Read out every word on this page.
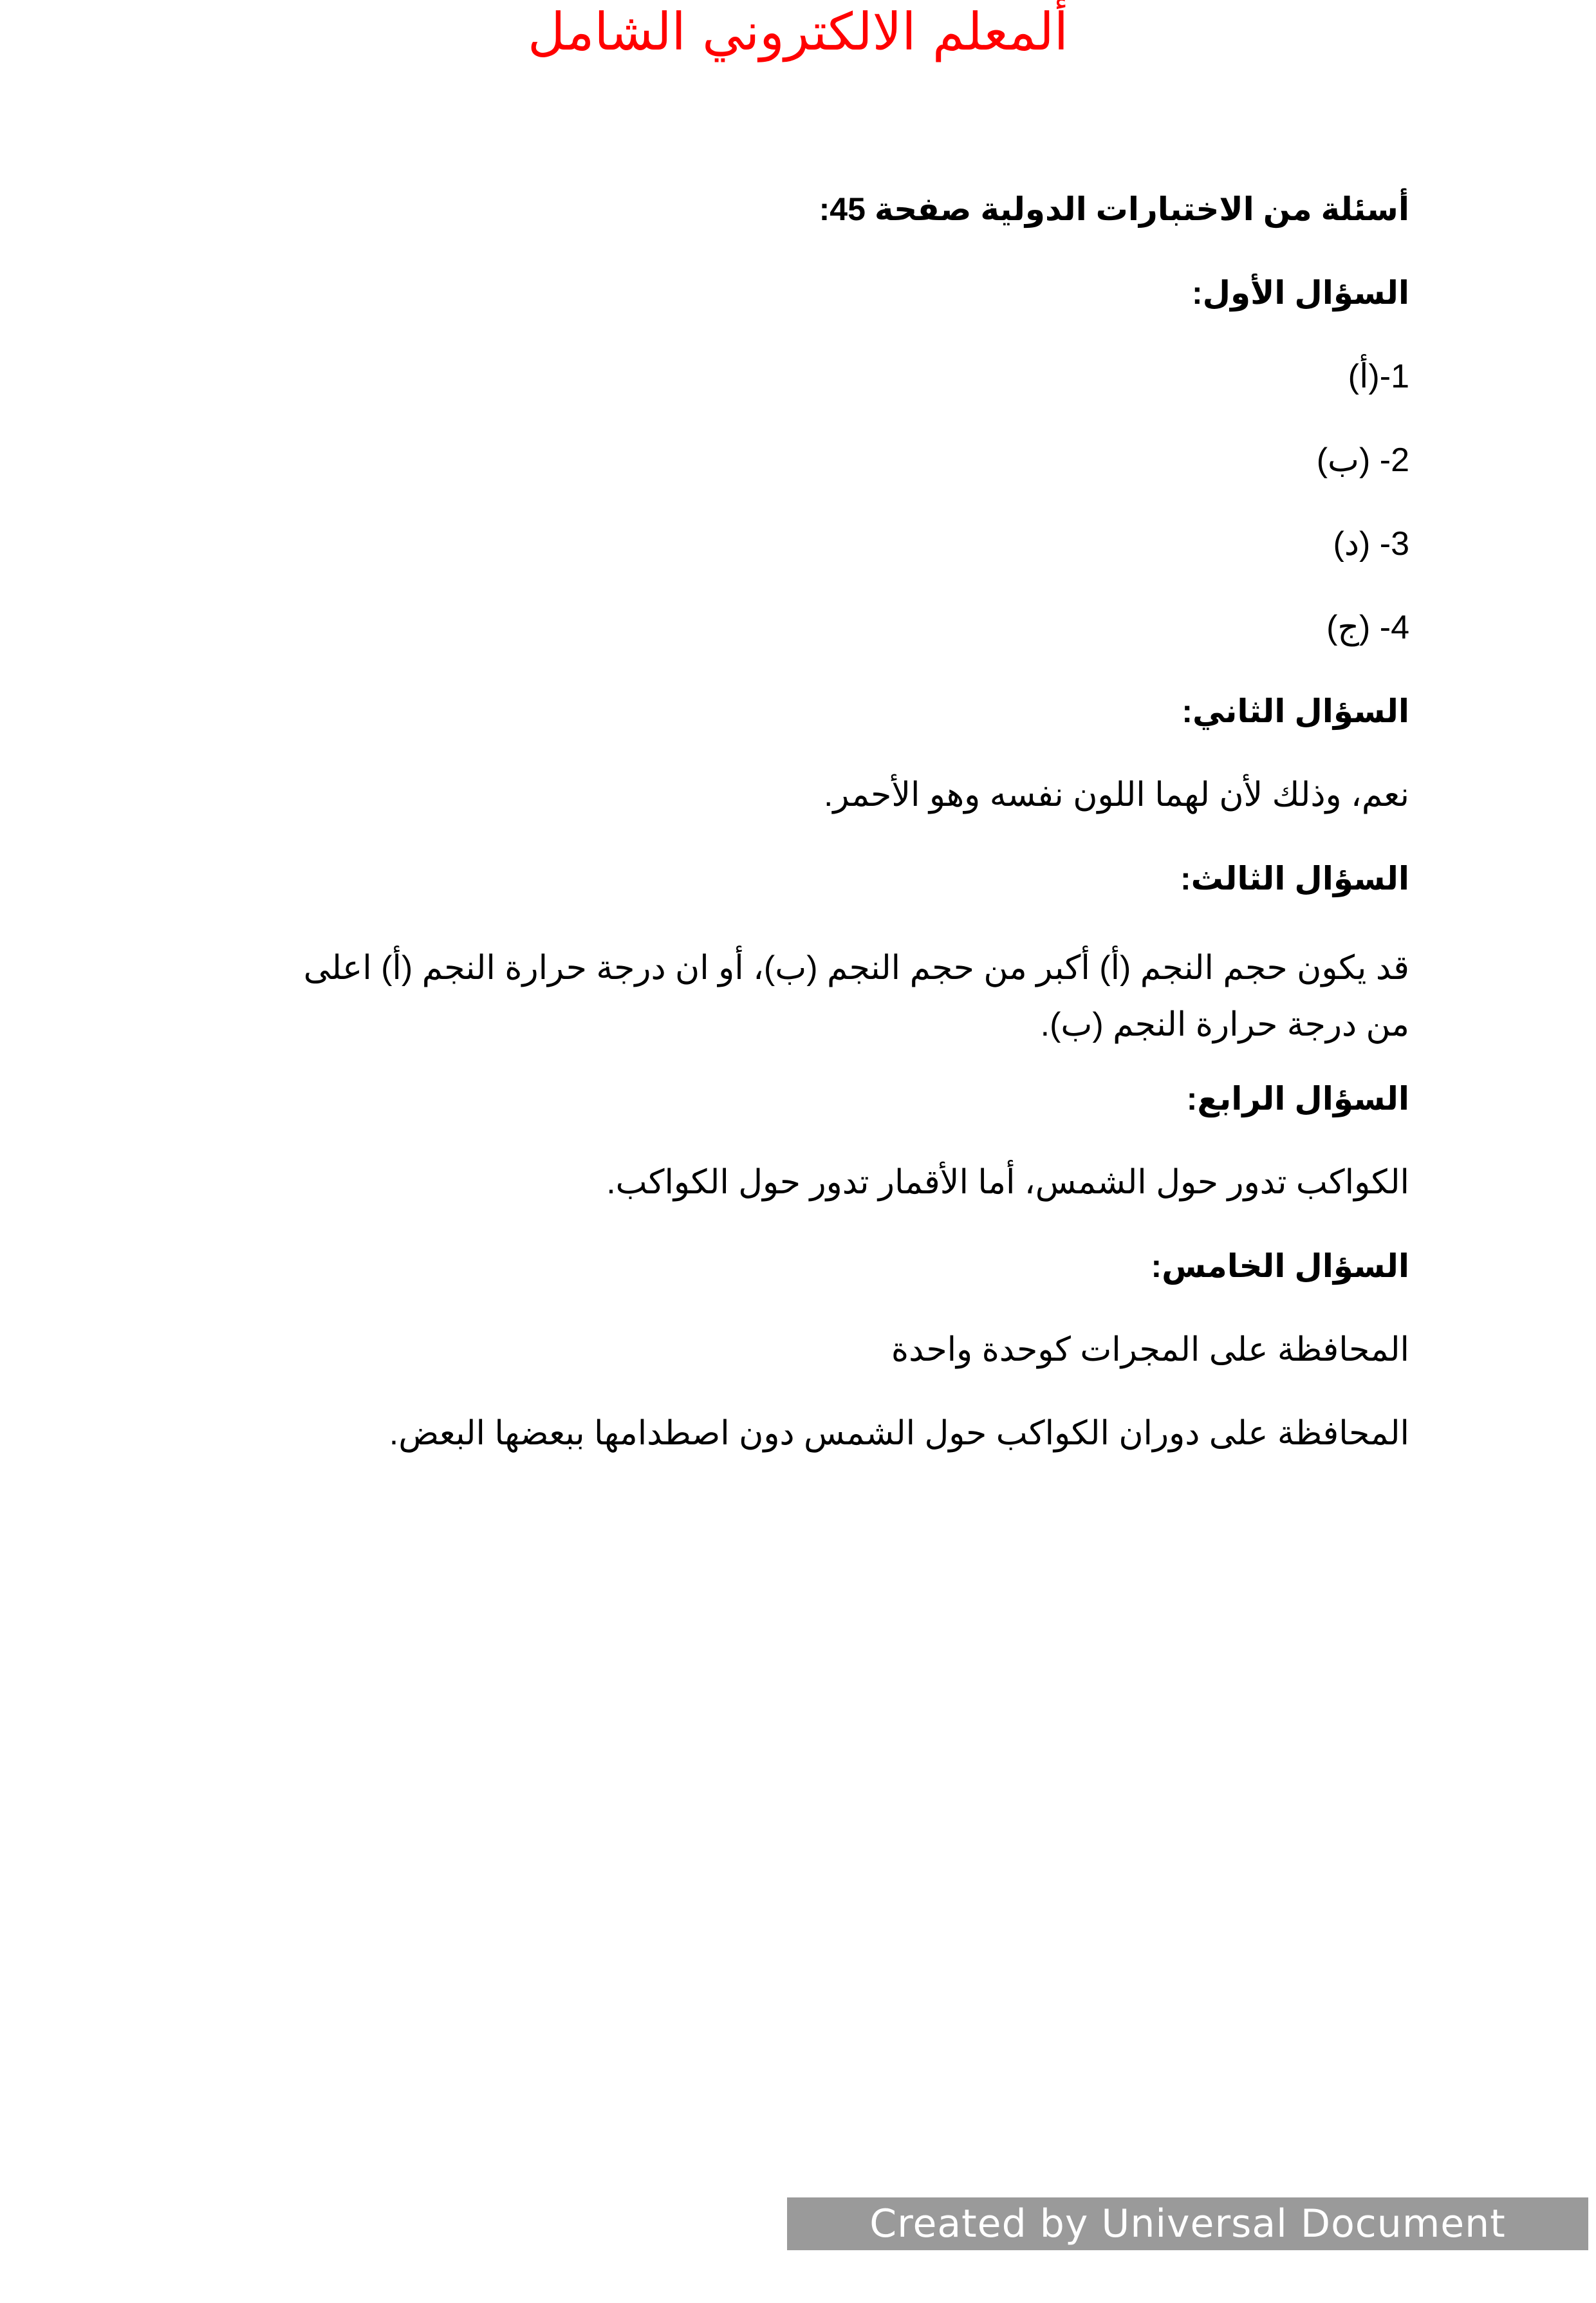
ألمعلم الالكتروني الشامل
أسئلة من الاختبارات الدولية صفحة 45:
السؤال الأول:
1-(أ)
2- (ب)
3- (د)
4- (ج)
السؤال الثاني:
نعم، وذلك لأن لهما اللون نفسه وهو الأحمر.
السؤال الثالث:
قد يكون حجم النجم (أ) أكبر من حجم النجم (ب)، أو ان درجة حرارة النجم (أ) اعلى من درجة حرارة النجم (ب).
السؤال الرابع:
الكواكب تدور حول الشمس، أما الأقمار تدور حول الكواكب.
السؤال الخامس:
المحافظة على المجرات كوحدة واحدة
المحافظة على دوران الكواكب حول الشمس دون اصطدامها ببعضها البعض.
Created by Universal Document Converter
